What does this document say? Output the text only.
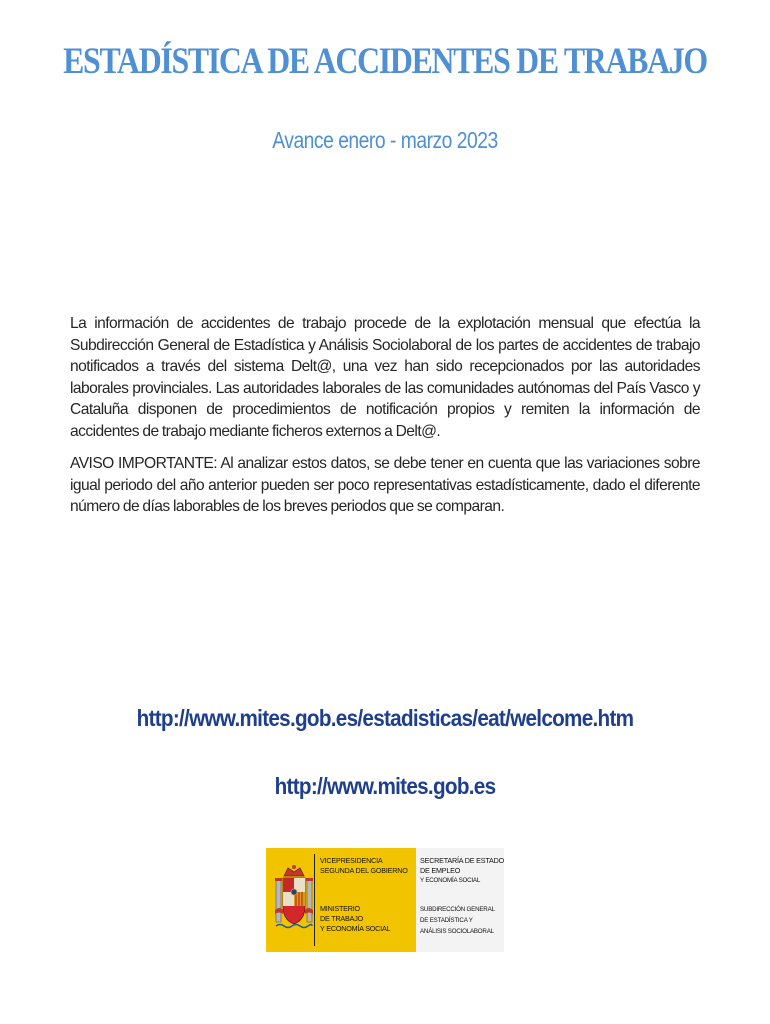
ESTADÍSTICA DE ACCIDENTES DE TRABAJO
Avance enero - marzo 2023
La información de accidentes de trabajo procede de la explotación mensual que efectúa la Subdirección General de Estadística y Análisis Sociolaboral de los partes de accidentes de trabajo notificados a través del sistema Delt@, una vez han sido recepcionados por las autoridades laborales provinciales. Las autoridades laborales de las comunidades autónomas del País Vasco y Cataluña disponen de procedimientos de notificación propios y remiten la información de accidentes de trabajo mediante ficheros externos a Delt@.
AVISO IMPORTANTE: Al analizar estos datos, se debe tener en cuenta que las variaciones sobre igual periodo del año anterior pueden ser poco representativas estadísticamente, dado el diferente número de días laborables de los breves periodos que se comparan.
http://www.mites.gob.es/estadisticas/eat/welcome.htm
http://www.mites.gob.es
VICEPRESIDENCIA
SEGUNDA DEL GOBIERNO
MINISTERIO
DE TRABAJO
Y ECONOMÍA SOCIAL
SECRETARÍA DE ESTADO
DE EMPLEO
Y ECONOMÍA SOCIAL
SUBDIRECCIÓN GENERAL
DE ESTADÍSTICA Y
ANÁLISIS SOCIOLABORAL
